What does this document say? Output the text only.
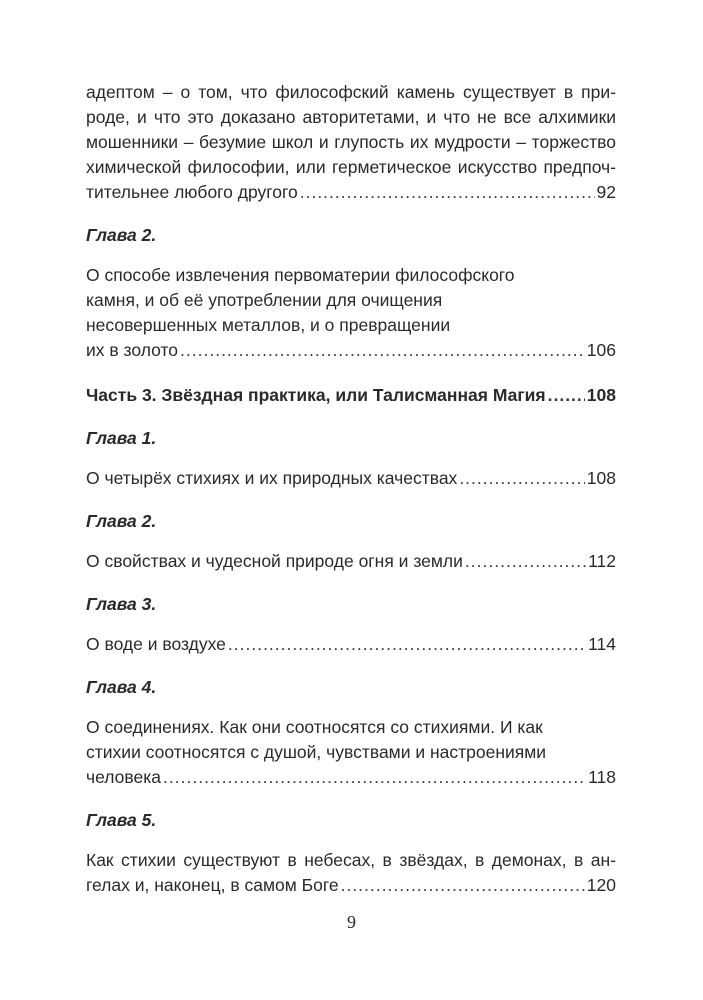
адептом – о том, что философский камень существует в при-
роде, и что это доказано авторитетами, и что не все алхимики
мошенники – безумие школ и глупость их мудрости – торжество
химической философии, или герметическое искусство предпоч-
тительнее любого другого .....	92
Глава 2.
О способе извлечения первоматерии философского
камня, и об её употреблении для очищения
несовершенных металлов, и о превращении
их в золото .....	106
Часть 3. Звёздная практика, или Талисманная Магия ..... 108
Глава 1.
О четырёх стихиях и их природных качествах .....	108
Глава 2.
О свойствах и чудесной природе огня и земли .....	112
Глава 3.
О воде и воздухе .....	114
Глава 4.
О соединениях. Как они соотносятся со стихиями. И как
стихии соотносятся с душой, чувствами и настроениями
человека .....	118
Глава 5.
Как стихии существуют в небесах, в звёздах, в демонах, в ан-
гелах и, наконец, в самом Боге .....	120
9
